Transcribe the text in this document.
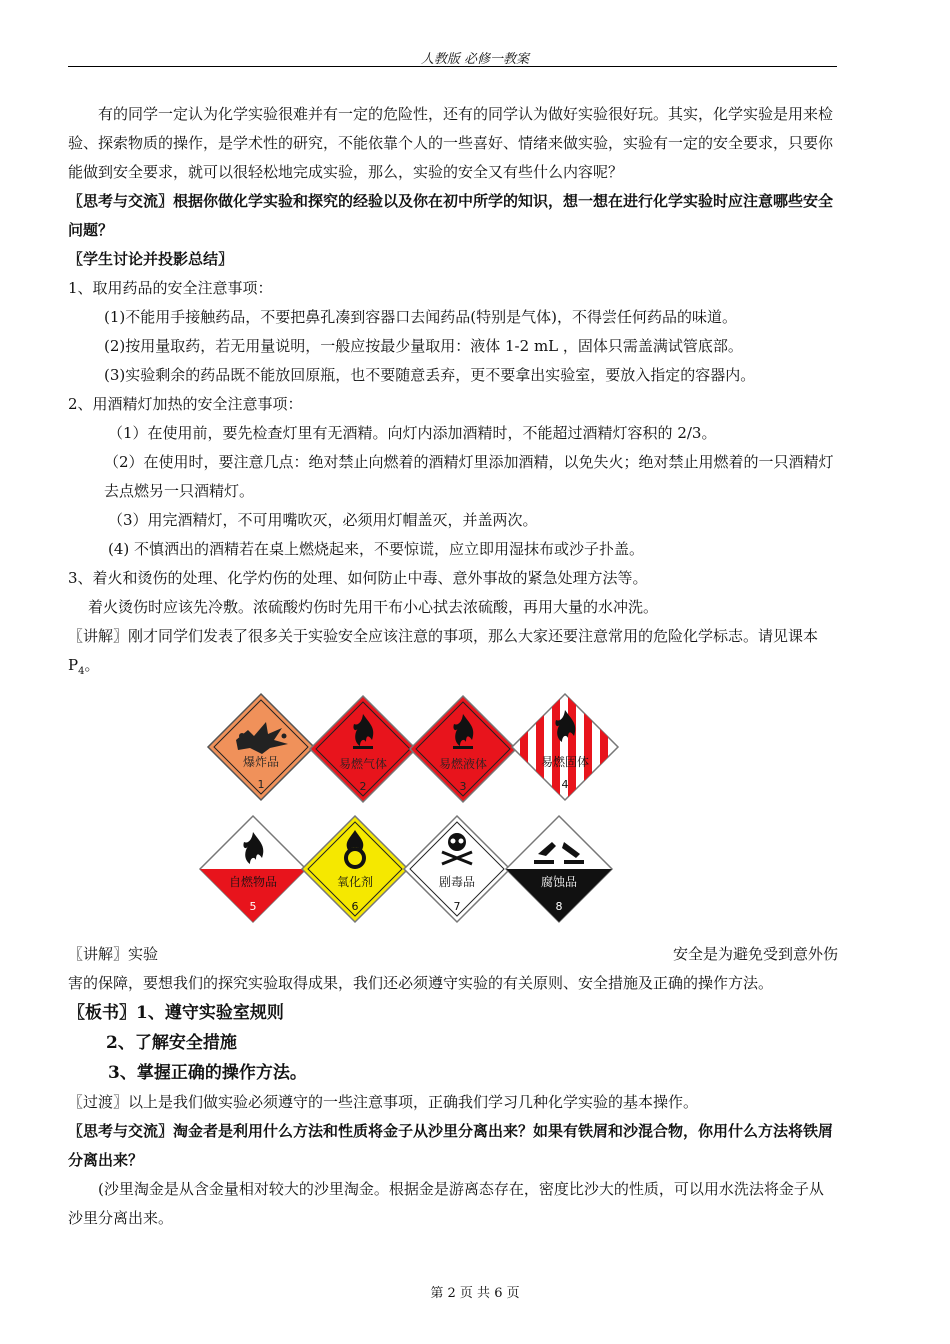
人教版 必修一教案

有的同学一定认为化学实验很难并有一定的危险性，还有的同学认为做好实验很好玩。其实，化学实验是用来检验、探索物质的操作，是学术性的研究，不能依靠个人的一些喜好、情绪来做实验，实验有一定的安全要求，只要你能做到安全要求，就可以很轻松地完成实验，那么，实验的安全又有些什么内容呢？

〖思考与交流〗根据你做化学实验和探究的经验以及你在初中所学的知识，想一想在进行化学实验时应注意哪些安全问题？

〖学生讨论并投影总结〗

1、取用药品的安全注意事项：

(1)不能用手接触药品，不要把鼻孔凑到容器口去闻药品(特别是气体)，不得尝任何药品的味道。

(2)按用量取药，若无用量说明，一般应按最少量取用：液体 1-2 mL ，固体只需盖满试管底部。

(3)实验剩余的药品既不能放回原瓶，也不要随意丢弃，更不要拿出实验室，要放入指定的容器内。

2、用酒精灯加热的安全注意事项：

（1）在使用前，要先检查灯里有无酒精。向灯内添加酒精时，不能超过酒精灯容积的 2/3。

（2）在使用时，要注意几点：绝对禁止向燃着的酒精灯里添加酒精，以免失火；绝对禁止用燃着的一只酒精灯去点燃另一只酒精灯。

（3）用完酒精灯，不可用嘴吹灭，必须用灯帽盖灭，并盖两次。

(4) 不慎洒出的酒精若在桌上燃烧起来，不要惊谎，应立即用湿抹布或沙子扑盖。

3、着火和烫伤的处理、化学灼伤的处理、如何防止中毒、意外事故的紧急处理方法等。

着火烫伤时应该先冷敷。浓硫酸灼伤时先用干布小心拭去浓硫酸，再用大量的水冲洗。

〖讲解〗刚才同学们发表了很多关于实验安全应该注意的事项，那么大家还要注意常用的危险化学标志。请见课本 $P_4$。

爆炸品
1
易燃气体
2
易燃液体
3
易燃固体
4
自燃物品
5
氧化剂
6
剧毒品
7
腐蚀品
8
〖讲解〗实验	安全是为避免受到意外伤

害的保障，要想我们的探究实验取得成果，我们还必须遵守实验的有关原则、安全措施及正确的操作方法。

〖板书〗1、遵守实验室规则

2、了解安全措施

3、掌握正确的操作方法。

〖过渡〗以上是我们做实验必须遵守的一些注意事项，正确我们学习几种化学实验的基本操作。

〖思考与交流〗淘金者是利用什么方法和性质将金子从沙里分离出来？如果有铁屑和沙混合物，你用什么方法将铁屑分离出来？

(沙里淘金是从含金量相对较大的沙里淘金。根据金是游离态存在，密度比沙大的性质，可以用水洗法将金子从沙里分离出来。

第 2 页 共 6 页
